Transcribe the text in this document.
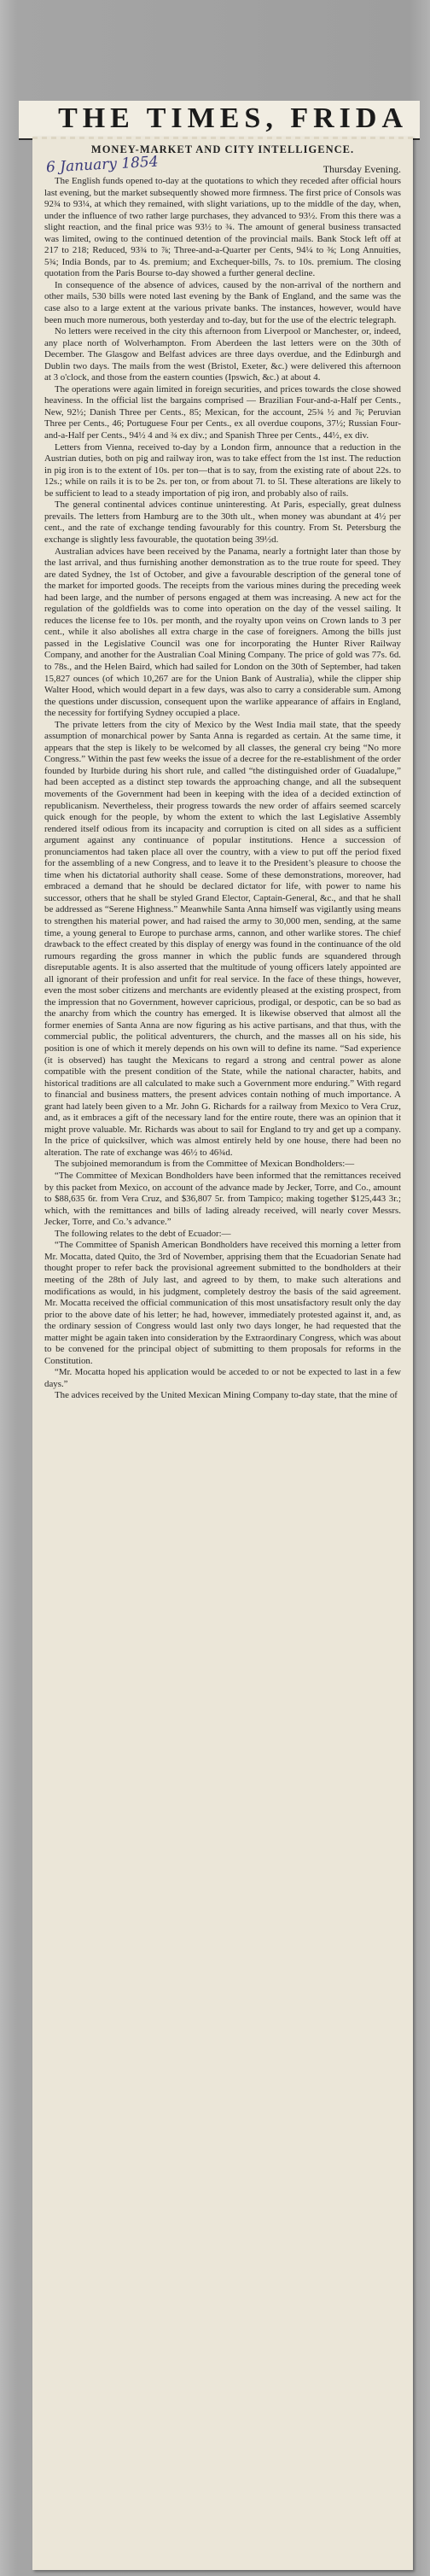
THE TIMES, FRIDA
MONEY-MARKET AND CITY INTELLIGENCE.
6 January 1854	Thursday Evening.

The English funds opened to-day at the quotations to which they receded after official hours last evening, but the market subsequently showed more firmness. The first price of Consols was 92¾ to 93¼, at which they remained, with slight variations, up to the middle of the day, when, under the influence of two rather large purchases, they advanced to 93½. From this there was a slight reaction, and the final price was 93½ to ¾. The amount of general business transacted was limited, owing to the continued detention of the provincial mails. Bank Stock left off at 217 to 218; Reduced, 93¾ to ⅞; Three-and-a-Quarter per Cents, 94¼ to ⅜; Long Annuities, 5¾; India Bonds, par to 4s. premium; and Exchequer-bills, 7s. to 10s. premium. The closing quotation from the Paris Bourse to-day showed a further general decline.

In consequence of the absence of advices, caused by the non-arrival of the northern and other mails, 530 bills were noted last evening by the Bank of England, and the same was the case also to a large extent at the various private banks. The instances, however, would have been much more numerous, both yesterday and to-day, but for the use of the electric telegraph.

No letters were received in the city this afternoon from Liverpool or Manchester, or, indeed, any place north of Wolverhampton. From Aberdeen the last letters were on the 30th of December. The Glasgow and Belfast advices are three days overdue, and the Edinburgh and Dublin two days. The mails from the west (Bristol, Exeter, &c.) were delivered this afternoon at 3 o'clock, and those from the eastern counties (Ipswich, &c.) at about 4.

The operations were again limited in foreign securities, and prices towards the close showed heaviness. In the official list the bargains comprised — Brazilian Four-and-a-Half per Cents., New, 92½; Danish Three per Cents., 85; Mexican, for the account, 25¾ ½ and ⅞; Peruvian Three per Cents., 46; Portuguese Four per Cents., ex all overdue coupons, 37½; Russian Four-and-a-Half per Cents., 94½ 4 and ¾ ex div.; and Spanish Three per Cents., 44½, ex div.

Letters from Vienna, received to-day by a London firm, announce that a reduction in the Austrian duties, both on pig and railway iron, was to take effect from the 1st inst. The reduction in pig iron is to the extent of 10s. per ton—that is to say, from the existing rate of about 22s. to 12s.; while on rails it is to be 2s. per ton, or from about 7l. to 5l. These alterations are likely to be sufficient to lead to a steady importation of pig iron, and probably also of rails.

The general continental advices continue uninteresting. At Paris, especially, great dulness prevails. The letters from Hamburg are to the 30th ult., when money was abundant at 4½ per cent., and the rate of exchange tending favourably for this country. From St. Petersburg the exchange is slightly less favourable, the quotation being 39½d.

Australian advices have been received by the Panama, nearly a fortnight later than those by the last arrival, and thus furnishing another demonstration as to the true route for speed. They are dated Sydney, the 1st of October, and give a favourable description of the general tone of the market for imported goods. The receipts from the various mines during the preceding week had been large, and the number of persons engaged at them was increasing. A new act for the regulation of the goldfields was to come into operation on the day of the vessel sailing. It reduces the license fee to 10s. per month, and the royalty upon veins on Crown lands to 3 per cent., while it also abolishes all extra charge in the case of foreigners. Among the bills just passed in the Legislative Council was one for incorporating the Hunter River Railway Company, and another for the Australian Coal Mining Company. The price of gold was 77s. 6d. to 78s., and the Helen Baird, which had sailed for London on the 30th of September, had taken 15,827 ounces (of which 10,267 are for the Union Bank of Australia), while the clipper ship Walter Hood, which would depart in a few days, was also to carry a considerable sum. Among the questions under discussion, consequent upon the warlike appearance of affairs in England, the necessity for fortifying Sydney occupied a place.

The private letters from the city of Mexico by the West India mail state, that the speedy assumption of monarchical power by Santa Anna is regarded as certain. At the same time, it appears that the step is likely to be welcomed by all classes, the general cry being “No more Congress.” Within the past few weeks the issue of a decree for the re-establishment of the order founded by Iturbide during his short rule, and called “the distinguished order of Guadalupe,” had been accepted as a distinct step towards the approaching change, and all the subsequent movements of the Government had been in keeping with the idea of a decided extinction of republicanism. Nevertheless, their progress towards the new order of affairs seemed scarcely quick enough for the people, by whom the extent to which the last Legislative Assembly rendered itself odious from its incapacity and corruption is cited on all sides as a sufficient argument against any continuance of popular institutions. Hence a succession of pronunciamentos had taken place all over the country, with a view to put off the period fixed for the assembling of a new Congress, and to leave it to the President’s pleasure to choose the time when his dictatorial authority shall cease. Some of these demonstrations, moreover, had embraced a demand that he should be declared dictator for life, with power to name his successor, others that he shall be styled Grand Elector, Captain-General, &c., and that he shall be addressed as “Serene Highness.” Meanwhile Santa Anna himself was vigilantly using means to strengthen his material power, and had raised the army to 30,000 men, sending, at the same time, a young general to Europe to purchase arms, cannon, and other warlike stores. The chief drawback to the effect created by this display of energy was found in the continuance of the old rumours regarding the gross manner in which the public funds are squandered through disreputable agents. It is also asserted that the multitude of young officers lately appointed are all ignorant of their profession and unfit for real service. In the face of these things, however, even the most sober citizens and merchants are evidently pleased at the existing prospect, from the impression that no Government, however capricious, prodigal, or despotic, can be so bad as the anarchy from which the country has emerged. It is likewise observed that almost all the former enemies of Santa Anna are now figuring as his active partisans, and that thus, with the commercial public, the political adventurers, the church, and the masses all on his side, his position is one of which it merely depends on his own will to define its name. “Sad experience (it is observed) has taught the Mexicans to regard a strong and central power as alone compatible with the present condition of the State, while the national character, habits, and historical traditions are all calculated to make such a Government more enduring.” With regard to financial and business matters, the present advices contain nothing of much importance. A grant had lately been given to a Mr. John G. Richards for a railway from Mexico to Vera Cruz, and, as it embraces a gift of the necessary land for the entire route, there was an opinion that it might prove valuable. Mr. Richards was about to sail for England to try and get up a company. In the price of quicksilver, which was almost entirely held by one house, there had been no alteration. The rate of exchange was 46½ to 46¾d.

The subjoined memorandum is from the Committee of Mexican Bondholders:—

“The Committee of Mexican Bondholders have been informed that the remittances received by this packet from Mexico, on account of the advance made by Jecker, Torre, and Co., amount to $88,635 6r. from Vera Cruz, and $36,807 5r. from Tampico; making together $125,443 3r.; which, with the remittances and bills of lading already received, will nearly cover Messrs. Jecker, Torre, and Co.’s advance.”

The following relates to the debt of Ecuador:—

“The Committee of Spanish American Bondholders have received this morning a letter from Mr. Mocatta, dated Quito, the 3rd of November, apprising them that the Ecuadorian Senate had thought proper to refer back the provisional agreement submitted to the bondholders at their meeting of the 28th of July last, and agreed to by them, to make such alterations and modifications as would, in his judgment, completely destroy the basis of the said agreement. Mr. Mocatta received the official communication of this most unsatisfactory result only the day prior to the above date of his letter; he had, however, immediately protested against it, and, as the ordinary session of Congress would last only two days longer, he had requested that the matter might be again taken into consideration by the Extraordinary Congress, which was about to be convened for the principal object of submitting to them proposals for reforms in the Constitution.

“Mr. Mocatta hoped his application would be acceded to or not be expected to last in a few days.”

The advices received by the United Mexican Mining Company to-day state, that the mine of
